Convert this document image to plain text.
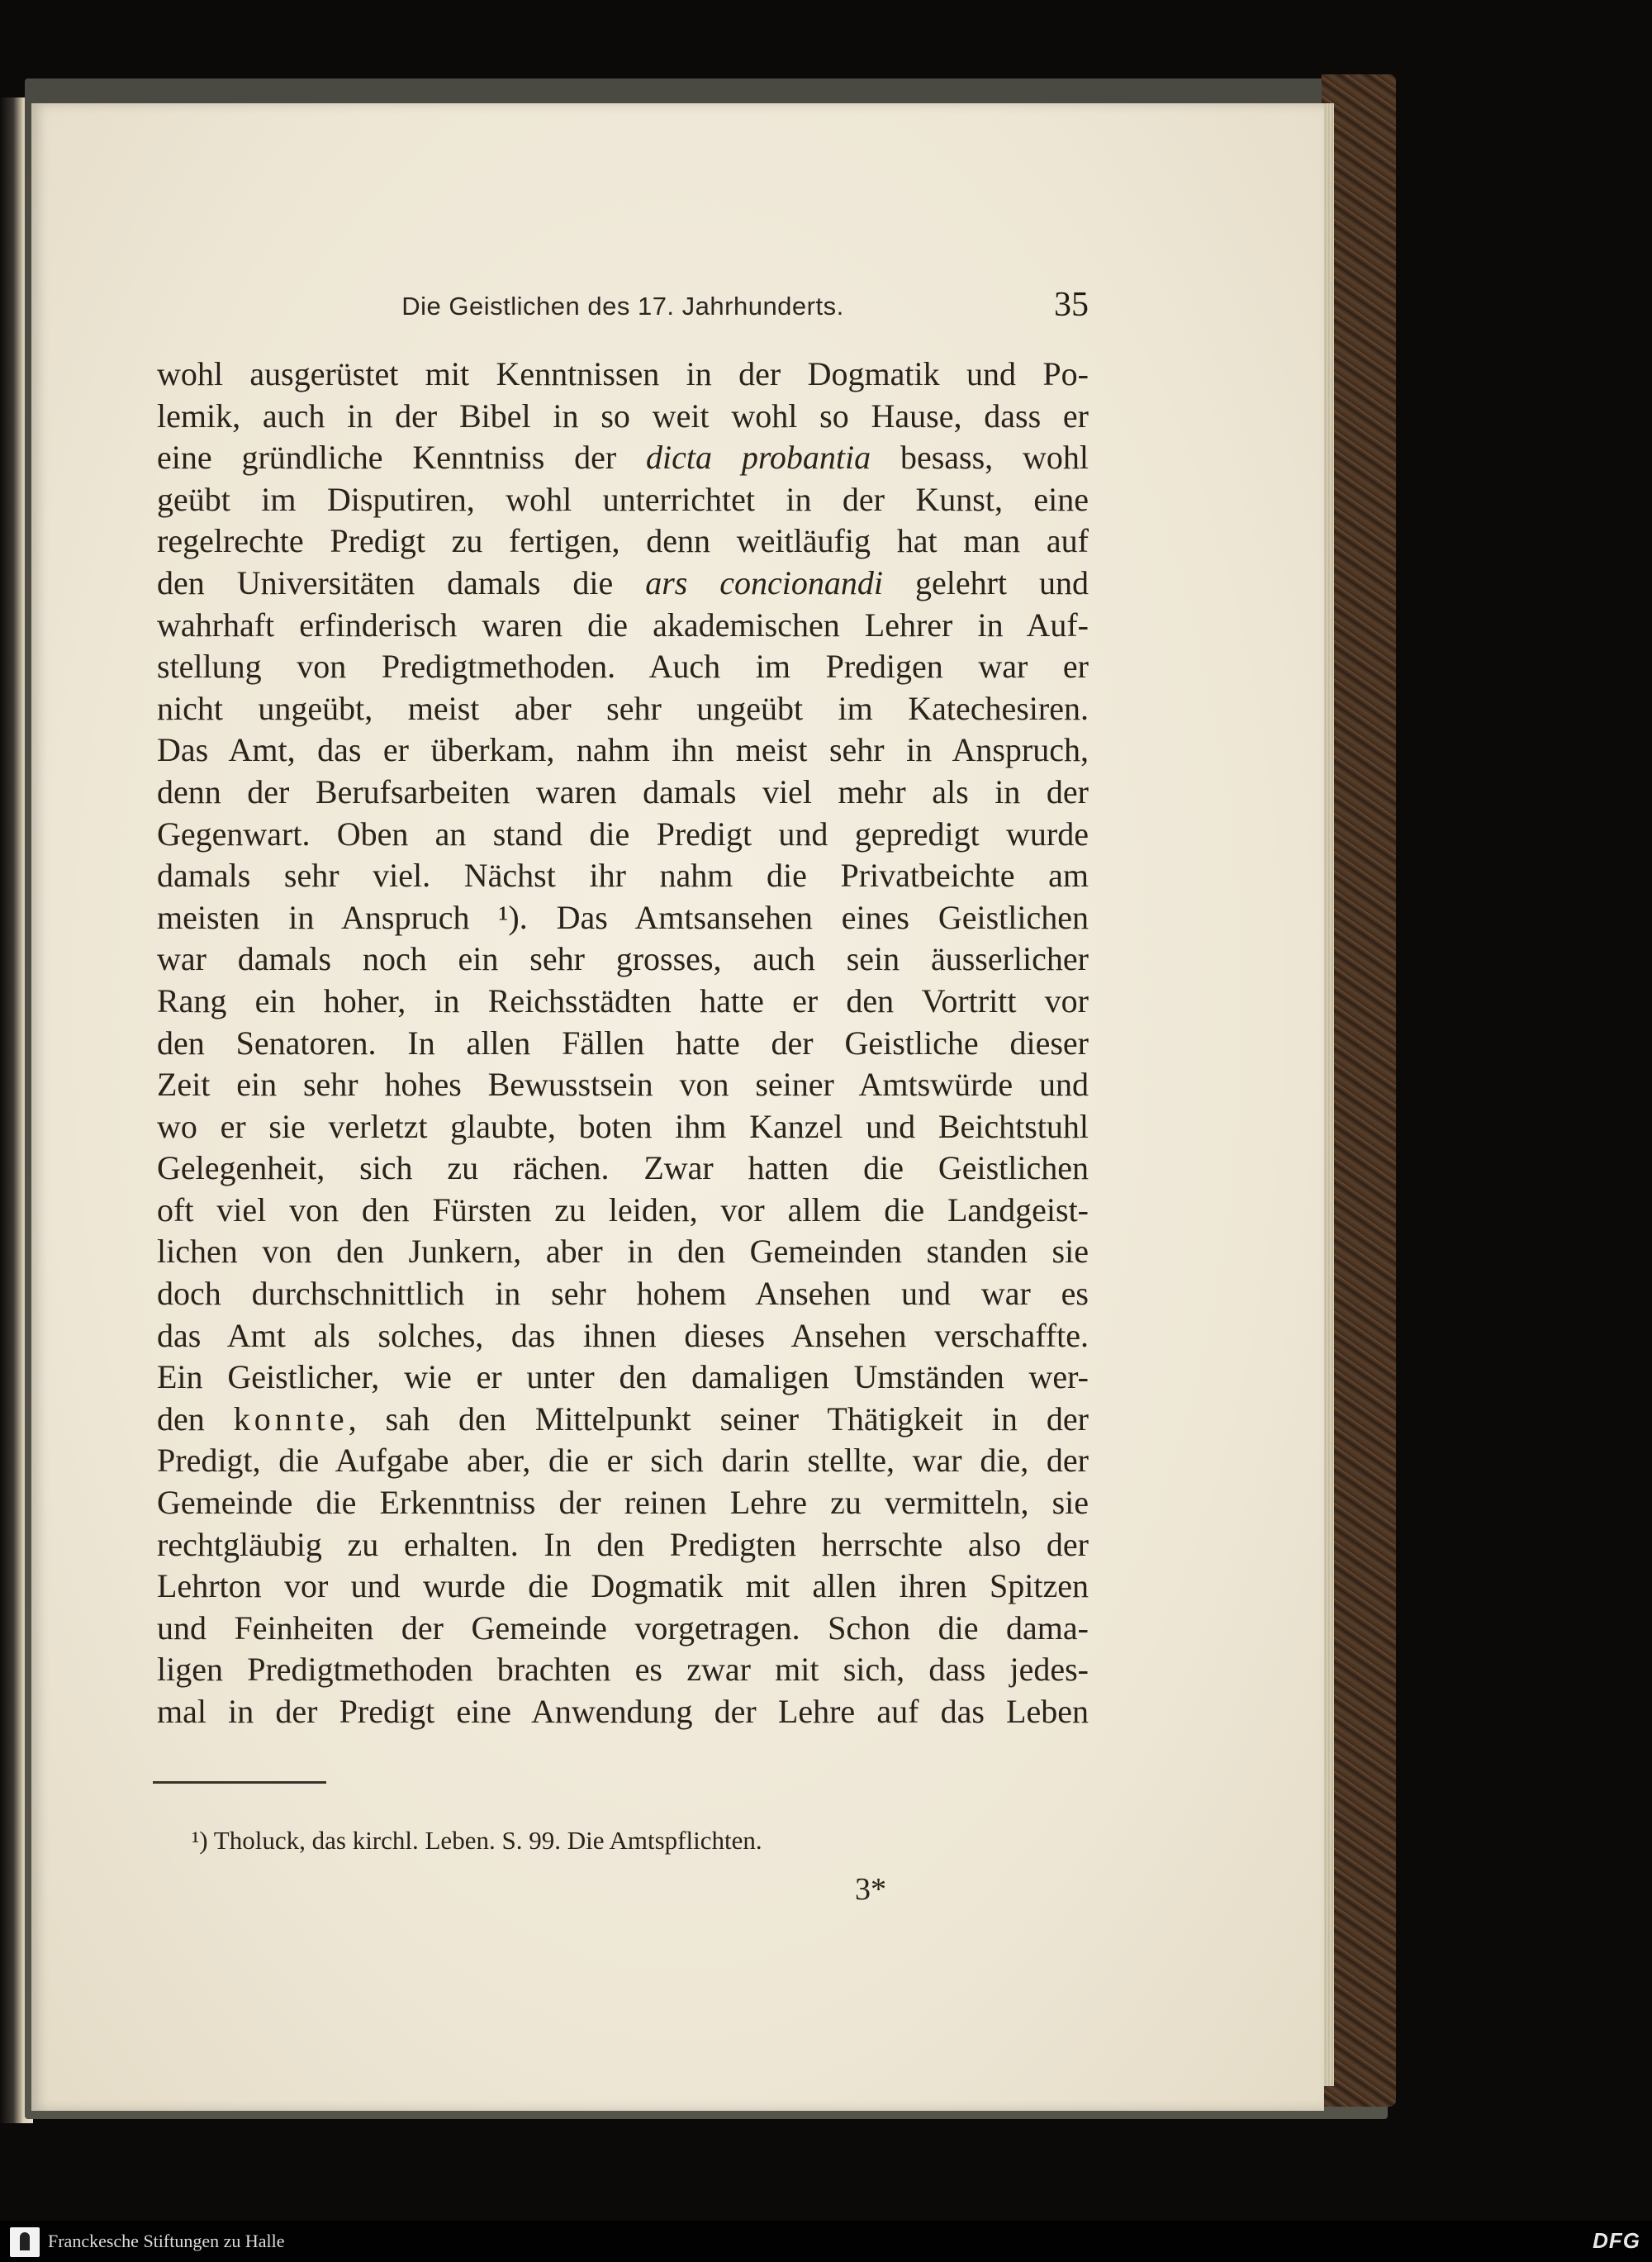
Die Geistlichen des 17. Jahrhunderts.	35
wohl ausgerüstet mit Kenntnissen in der Dogmatik und Po-
lemik, auch in der Bibel in so weit wohl so Hause, dass er
eine gründliche Kenntniss der dicta probantia besass, wohl
geübt im Disputiren, wohl unterrichtet in der Kunst, eine
regelrechte Predigt zu fertigen, denn weitläufig hat man auf
den Universitäten damals die ars concionandi gelehrt und
wahrhaft erfinderisch waren die akademischen Lehrer in Auf-
stellung von Predigtmethoden. Auch im Predigen war er
nicht ungeübt, meist aber sehr ungeübt im Katechesiren.
Das Amt, das er überkam, nahm ihn meist sehr in Anspruch,
denn der Berufsarbeiten waren damals viel mehr als in der
Gegenwart. Oben an stand die Predigt und gepredigt wurde
damals sehr viel. Nächst ihr nahm die Privatbeichte am
meisten in Anspruch ¹). Das Amtsansehen eines Geistlichen
war damals noch ein sehr grosses, auch sein äusserlicher
Rang ein hoher, in Reichsstädten hatte er den Vortritt vor
den Senatoren. In allen Fällen hatte der Geistliche dieser
Zeit ein sehr hohes Bewusstsein von seiner Amtswürde und
wo er sie verletzt glaubte, boten ihm Kanzel und Beichtstuhl
Gelegenheit, sich zu rächen. Zwar hatten die Geistlichen
oft viel von den Fürsten zu leiden, vor allem die Landgeist-
lichen von den Junkern, aber in den Gemeinden standen sie
doch durchschnittlich in sehr hohem Ansehen und war es
das Amt als solches, das ihnen dieses Ansehen verschaffte.
Ein Geistlicher, wie er unter den damaligen Umständen wer-
den konnte, sah den Mittelpunkt seiner Thätigkeit in der
Predigt, die Aufgabe aber, die er sich darin stellte, war die, der
Gemeinde die Erkenntniss der reinen Lehre zu vermitteln, sie
rechtgläubig zu erhalten. In den Predigten herrschte also der
Lehrton vor und wurde die Dogmatik mit allen ihren Spitzen
und Feinheiten der Gemeinde vorgetragen. Schon die dama-
ligen Predigtmethoden brachten es zwar mit sich, dass jedes-
mal in der Predigt eine Anwendung der Lehre auf das Leben
¹) Tholuck, das kirchl. Leben. S. 99. Die Amtspflichten.
3*
Franckesche Stiftungen zu Halle	DFG
